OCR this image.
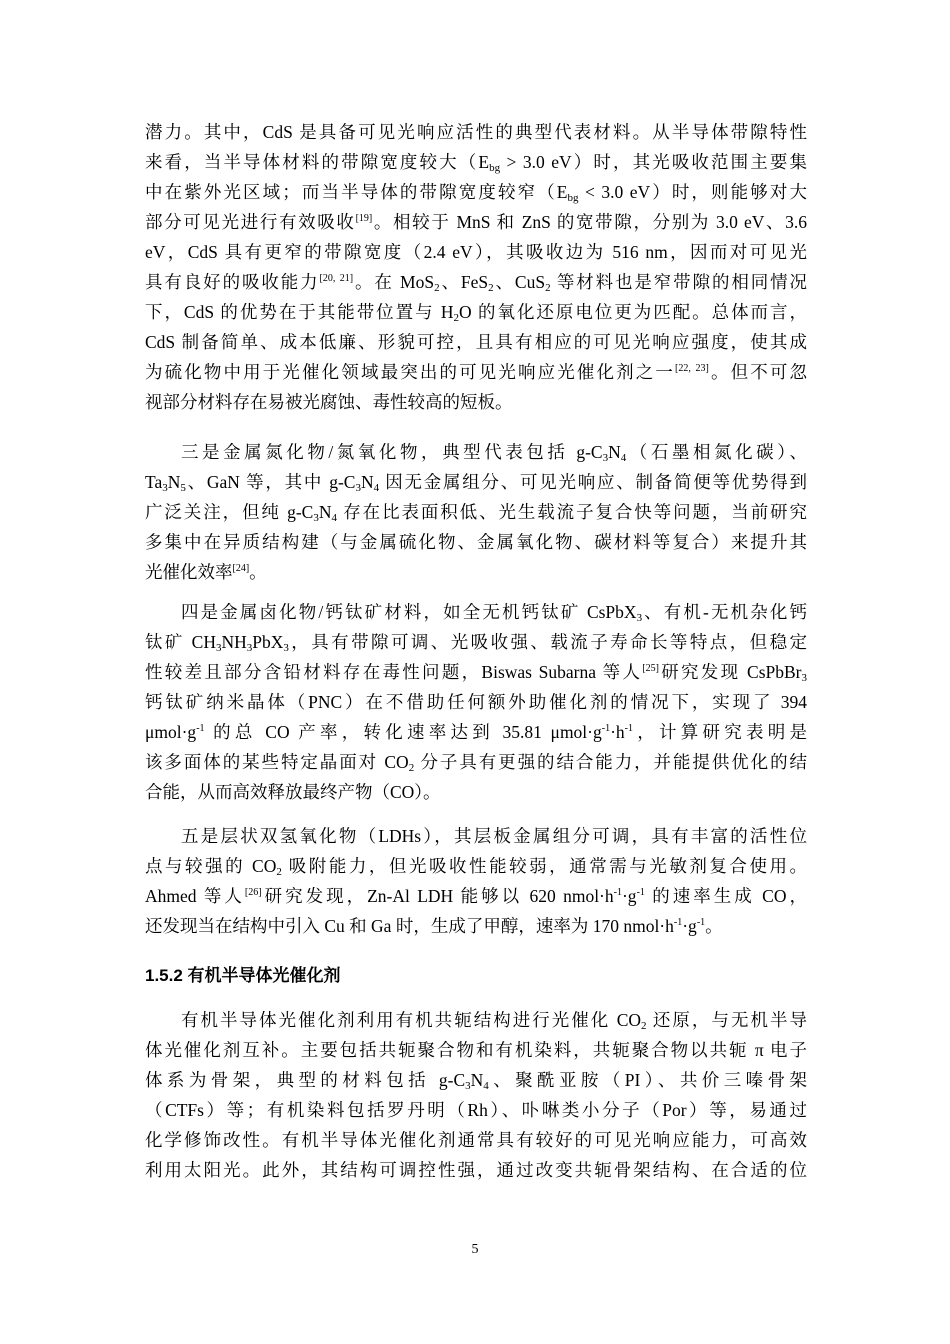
潜力。其中，CdS 是具备可见光响应活性的典型代表材料。从半导体带隙特性
来看，当半导体材料的带隙宽度较大（$E_{bg} > 3.0$ eV）时，其光吸收范围主要集
中在紫外光区域；而当半导体的带隙宽度较窄（$E_{bg} < 3.0$ eV）时，则能够对大
部分可见光进行有效吸收[19]。相较于 MnS 和 ZnS 的宽带隙，分别为 3.0 eV、3.6
eV，CdS 具有更窄的带隙宽度（2.4 eV），其吸收边为 516 nm，因而对可见光
具有良好的吸收能力[20, 21]。在 MoS$_2$、FeS$_2$、CuS$_2$ 等材料也是窄带隙的相同情况
下，CdS 的优势在于其能带位置与 $H_2O$ 的氧化还原电位更为匹配。总体而言，
CdS 制备简单、成本低廉、形貌可控，且具有相应的可见光响应强度，使其成
为硫化物中用于光催化领域最突出的可见光响应光催化剂之一[22, 23]。但不可忽
视部分材料存在易被光腐蚀、毒性较高的短板。
三是金属氮化物/氮氧化物，典型代表包括 $g-C_3N_4$（石墨相氮化碳）、
$Ta_3N_5$、GaN 等，其中 $g-C_3N_4$ 因无金属组分、可见光响应、制备简便等优势得到
广泛关注，但纯 $g-C_3N_4$ 存在比表面积低、光生载流子复合快等问题，当前研究
多集中在异质结构建（与金属硫化物、金属氧化物、碳材料等复合）来提升其
光催化效率[24]。
四是金属卤化物/钙钛矿材料，如全无机钙钛矿 CsPbX$_3$、有机-无机杂化钙
钛矿 $CH_3NH_3PbX_3$，具有带隙可调、光吸收强、载流子寿命长等特点，但稳定
性较差且部分含铅材料存在毒性问题，Biswas Subarna 等人[25]研究发现 CsPbBr$_3$
钙钛矿纳米晶体（PNC）在不借助任何额外助催化剂的情况下，实现了 394
$\mu mol\cdot g^{-1}$ 的总 CO 产率，转化速率达到 35.81 $\mu mol\cdot g^{-1}\cdot h^{-1}$，计算研究表明是
该多面体的某些特定晶面对 $CO_2$ 分子具有更强的结合能力，并能提供优化的结
合能，从而高效释放最终产物（CO）。
五是层状双氢氧化物（LDHs），其层板金属组分可调，具有丰富的活性位
点与较强的 $CO_2$ 吸附能力，但光吸收性能较弱，通常需与光敏剂复合使用。
Ahmed 等人[26]研究发现，Zn-Al LDH 能够以 620 $nmol\cdot h^{-1}\cdot g^{-1}$ 的速率生成 CO，
还发现当在结构中引入 Cu 和 Ga 时，生成了甲醇，速率为 170 $nmol\cdot h^{-1}\cdot g^{-1}$。
1.5.2 有机半导体光催化剂
有机半导体光催化剂利用有机共轭结构进行光催化 $CO_2$ 还原，与无机半导
体光催化剂互补。主要包括共轭聚合物和有机染料，共轭聚合物以共轭 π 电子
体系为骨架，典型的材料包括 $g-C_3N_4$、聚酰亚胺（PI）、共价三嗪骨架
（CTFs）等；有机染料包括罗丹明（Rh）、卟啉类小分子（Por）等，易通过
化学修饰改性。有机半导体光催化剂通常具有较好的可见光响应能力，可高效
利用太阳光。此外，其结构可调控性强，通过改变共轭骨架结构、在合适的位
5
